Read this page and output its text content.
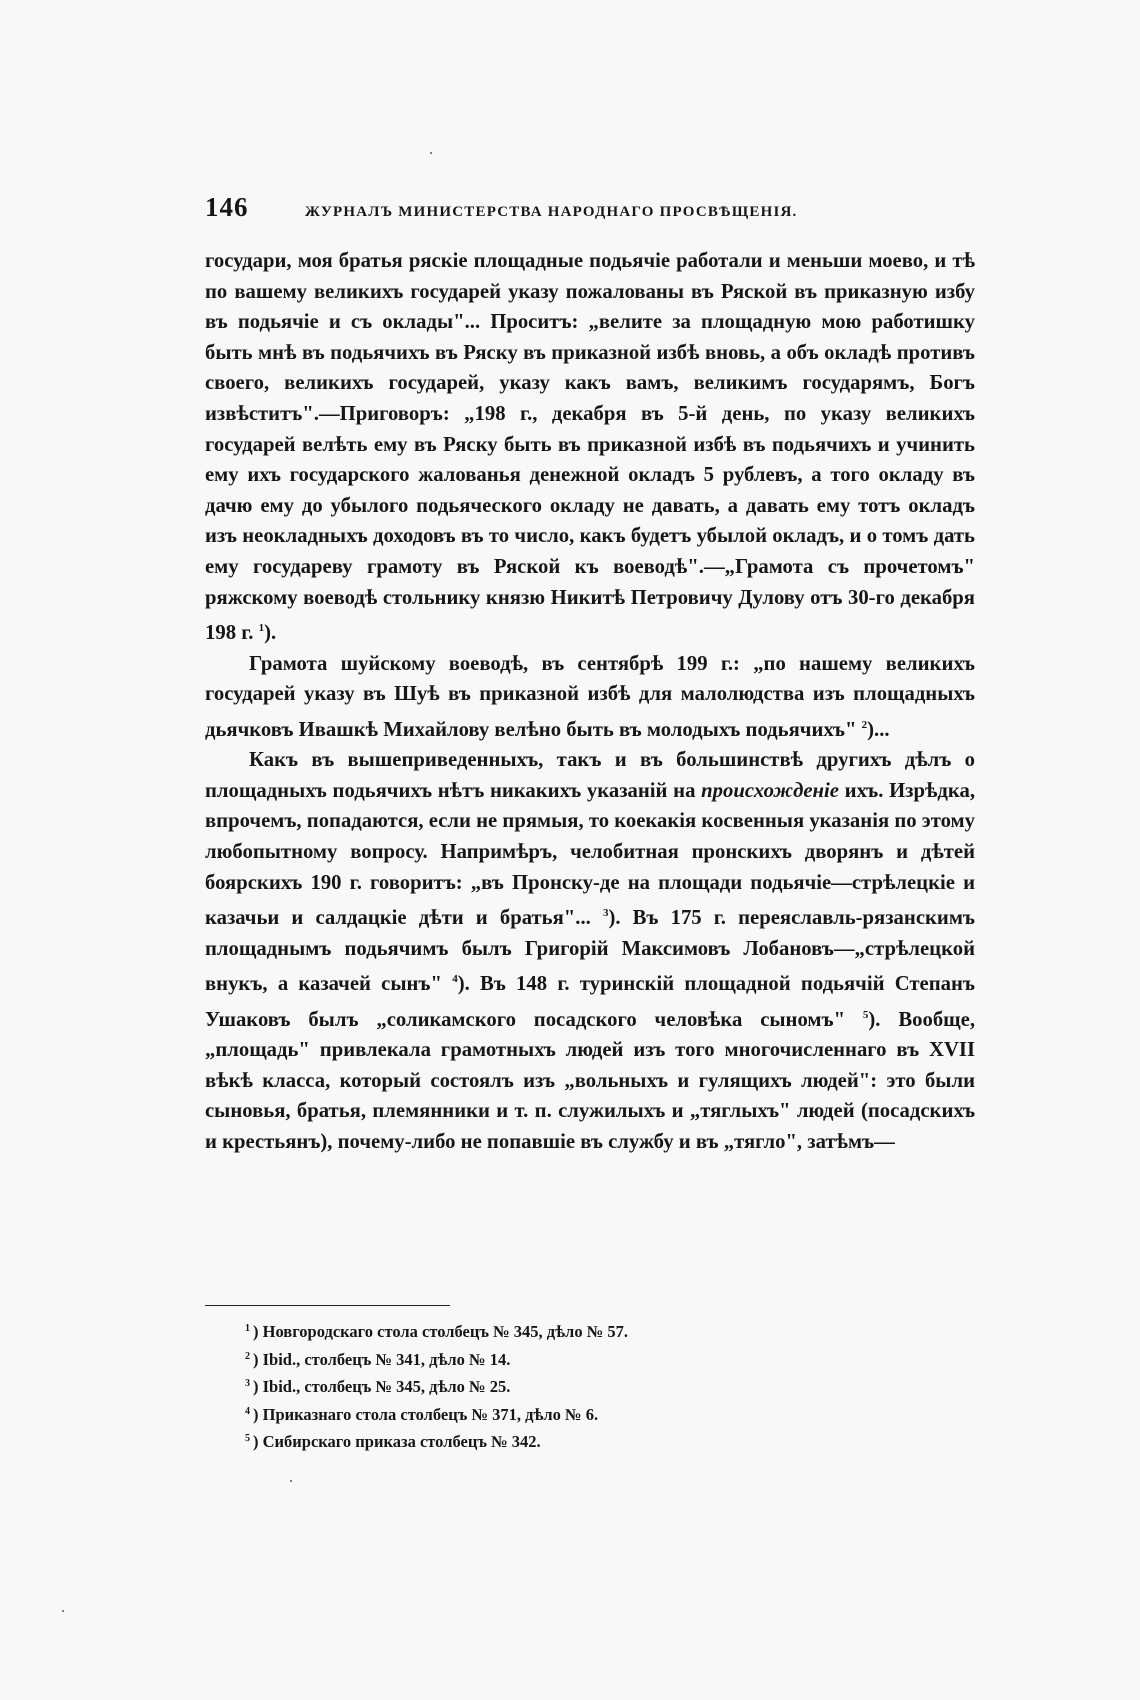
146	ЖУРНАЛЪ МИНИСТЕРСТВА НАРОДНАГО ПРОСВѢЩЕНІЯ.

государи, моя братья ряскіе площадные подьячіе работали и меньши моево, и тѣ по вашему великихъ государей указу пожалованы въ Ряской въ приказную избу въ подьячіе и съ оклады"... Проситъ: „велите за площадную мою работишку быть мнѣ въ подьячихъ въ Ряску въ приказной избѣ вновь, а объ окладѣ противъ своего, великихъ государей, указу какъ вамъ, великимъ государямъ, Богъ извѣститъ".—Приговоръ: „198 г., декабря въ 5-й день, по указу великихъ государей велѣть ему въ Ряску быть въ приказной избѣ въ подьячихъ и учинить ему ихъ государского жалованья денежной окладъ 5 рублевъ, а того окладу въ дачю ему до убылого подьяческого окладу не давать, а давать ему тотъ окладъ изъ неокладныхъ доходовъ въ то число, какъ будетъ убылой окладъ, и о томъ дать ему государеву грамоту въ Ряской къ воеводѣ".—„Грамота съ прочетомъ" ряжскому воеводѣ стольнику князю Никитѣ Петровичу Дулову отъ 30-го декабря 198 г. $^1$).

Грамота шуйскому воеводѣ, въ сентябрѣ 199 г.: „по нашему великихъ государей указу въ Шуѣ въ приказной избѣ для малолюдства изъ площадныхъ дьячковъ Ивашкѣ Михайлову велѣно быть въ молодыхъ подьячихъ" $^2$)...

Какъ въ вышеприведенныхъ, такъ и въ большинствѣ другихъ дѣлъ о площадныхъ подьячихъ нѣтъ никакихъ указаній на происхожденіе ихъ. Изрѣдка, впрочемъ, попадаются, если не прямыя, то коекакія косвенныя указанія по этому любопытному вопросу. Напримѣръ, челобитная пронскихъ дворянъ и дѣтей боярскихъ 190 г. говоритъ: „въ Пронску-де на площади подьячіе—стрѣлецкіе и казачьи и салдацкіе дѣти и братья"... $^3$). Въ 175 г. переяславль-рязанскимъ площаднымъ подьячимъ былъ Григорій Максимовъ Лобановъ—„стрѣлецкой внукъ, а казачей сынъ" $^4$). Въ 148 г. туринскій площадной подьячій Степанъ Ушаковъ былъ „соликамского посадского человѣка сыномъ" $^5$). Вообще, „площадь" привлекала грамотныхъ людей изъ того многочисленнаго въ XVII вѣкѣ класса, который состоялъ изъ „вольныхъ и гулящихъ людей": это были сыновья, братья, племянники и т. п. служилыхъ и „тяглыхъ" людей (посадскихъ и крестьянъ), почему-либо не попавшіе въ службу и въ „тягло", затѣмъ—

$^1$ ) Новгородскаго стола столбецъ № 345, дѣло № 57.
$^2$ ) Ibid., столбецъ № 341, дѣло № 14.
$^3$ ) Ibid., столбецъ № 345, дѣло № 25.
$^4$ ) Приказнаго стола столбецъ № 371, дѣло № 6.
$^5$ ) Сибирскаго приказа столбецъ № 342.
